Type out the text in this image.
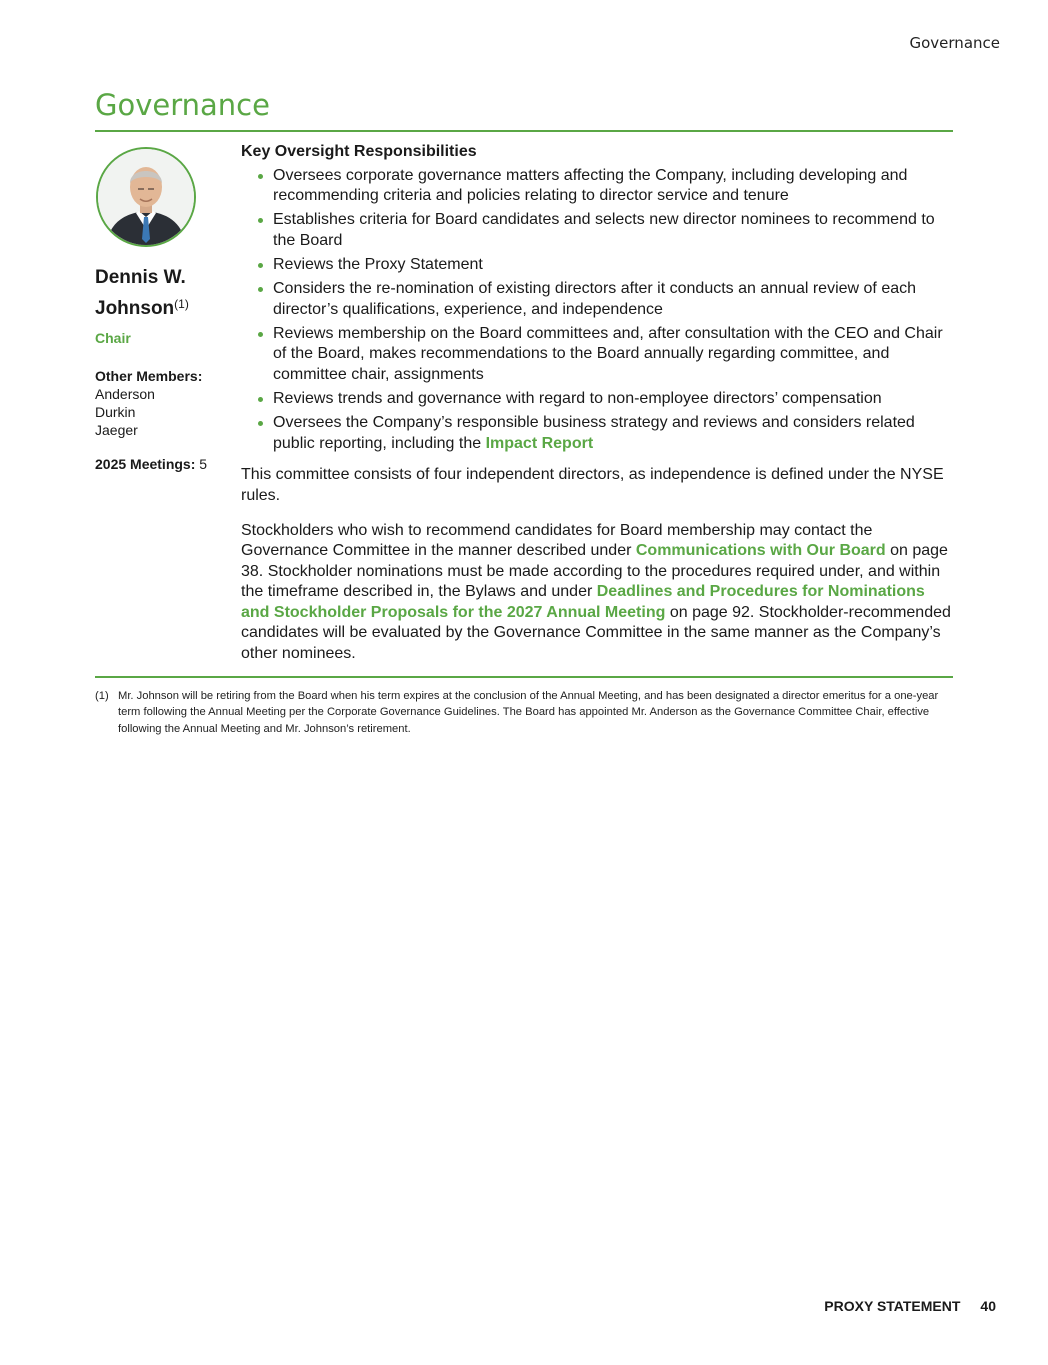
Governance
Governance
Dennis W. Johnson$^{(1)}$
Chair
Other Members:
Anderson
Durkin
Jaeger
2025 Meetings: 5
Key Oversight Responsibilities
Oversees corporate governance matters affecting the Company, including developing and recommending criteria and policies relating to director service and tenure
Establishes criteria for Board candidates and selects new director nominees to recommend to the Board
Reviews the Proxy Statement
Considers the re-nomination of existing directors after it conducts an annual review of each director’s qualifications, experience, and independence
Reviews membership on the Board committees and, after consultation with the CEO and Chair of the Board, makes recommendations to the Board annually regarding committee, and committee chair, assignments
Reviews trends and governance with regard to non-employee directors’ compensation
Oversees the Company’s responsible business strategy and reviews and considers related public reporting, including the Impact Report

This committee consists of four independent directors, as independence is defined under the NYSE rules.

Stockholders who wish to recommend candidates for Board membership may contact the Governance Committee in the manner described under Communications with Our Board on page 38. Stockholder nominations must be made according to the procedures required under, and within the timeframe described in, the Bylaws and under Deadlines and Procedures for Nominations and Stockholder Proposals for the 2027 Annual Meeting on page 92. Stockholder-recommended candidates will be evaluated by the Governance Committee in the same manner as the Company’s other nominees.

(1) Mr. Johnson will be retiring from the Board when his term expires at the conclusion of the Annual Meeting, and has been designated a director emeritus for a one-year term following the Annual Meeting per the Corporate Governance Guidelines. The Board has appointed Mr. Anderson as the Governance Committee Chair, effective following the Annual Meeting and Mr. Johnson’s retirement.
PROXY STATEMENT 40
